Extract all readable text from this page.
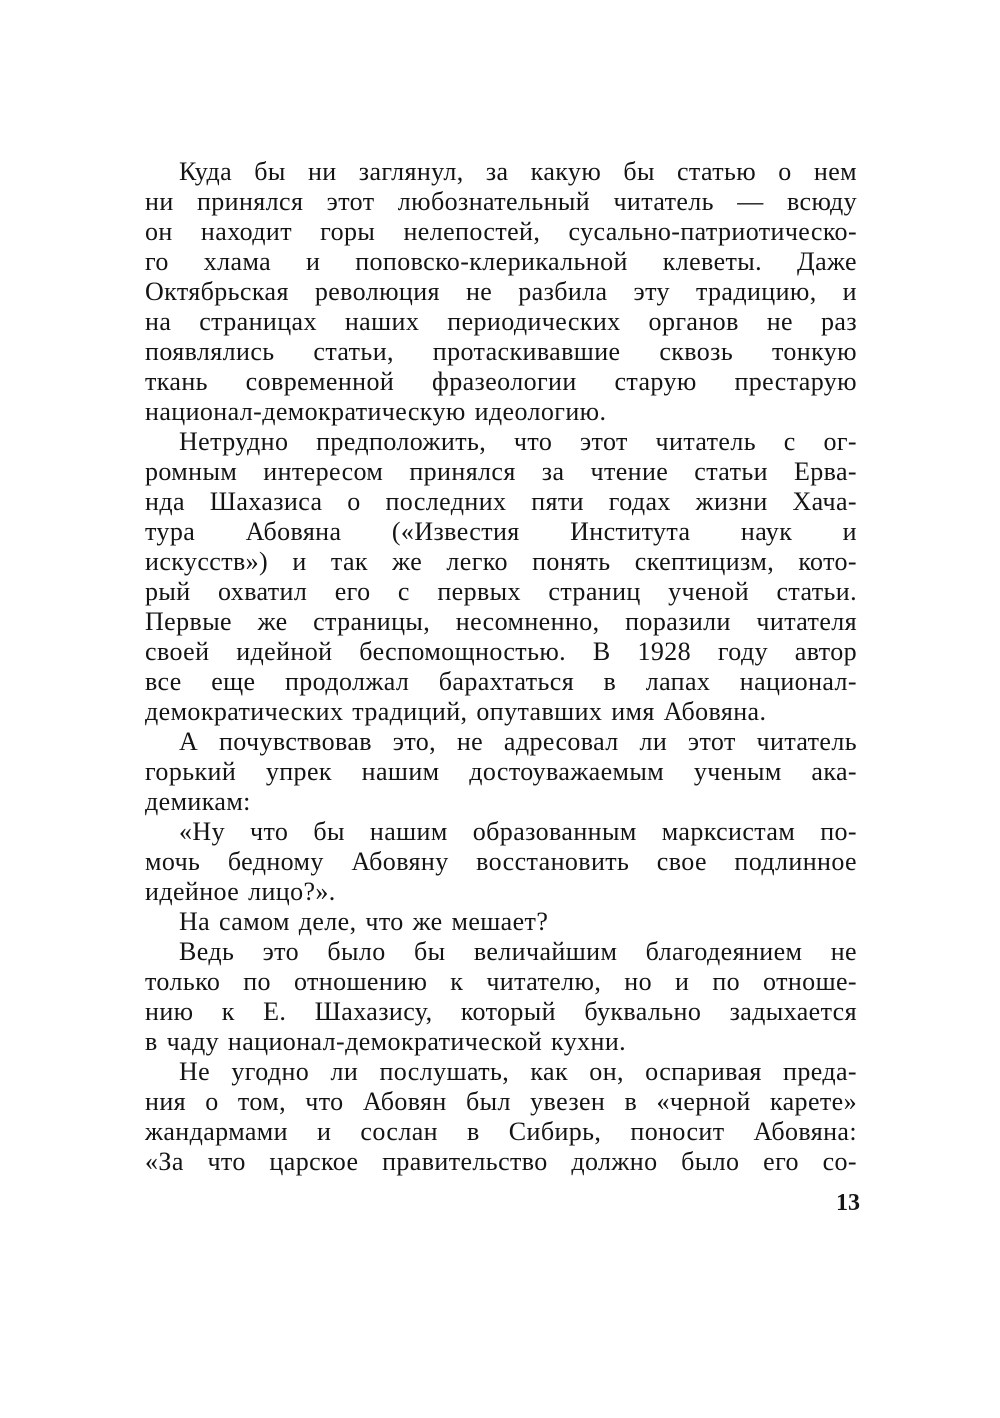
Куда бы ни заглянул, за какую бы статью о нем
ни принялся этот любознательный читатель — всюду
он находит горы нелепостей, сусально-патриотическо-
го хлама и поповско-клерикальной клеветы. Даже
Октябрьская революция не разбила эту традицию, и
на страницах наших периодических органов не раз
появлялись статьи, протаскивавшие сквозь тонкую
ткань современной фразеологии старую престарую
национал-демократическую идеологию.
Нетрудно предположить, что этот читатель с ог-
ромным интересом принялся за чтение статьи Ерва-
нда Шахазиса о последних пяти годах жизни Хача-
тура Абовяна («Известия Института наук и
искусств») и так же легко понять скептицизм, кото-
рый охватил его с первых страниц ученой статьи.
Первые же страницы, несомненно, поразили читателя
своей идейной беспомощностью. В 1928 году автор
все еще продолжал барахтаться в лапах национал-
демократических традиций, опутавших имя Абовяна.
А почувствовав это, не адресовал ли этот читатель
горький упрек нашим достоуважаемым ученым ака-
демикам:
«Ну что бы нашим образованным марксистам по-
мочь бедному Абовяну восстановить свое подлинное
идейное лицо?».
На самом деле, что же мешает?
Ведь это было бы величайшим благодеянием не
только по отношению к читателю, но и по отноше-
нию к Е. Шахазису, который буквально задыхается
в чаду национал-демократической кухни.
Не угодно ли послушать, как он, оспаривая преда-
ния о том, что Абовян был увезен в «черной карете»
жандармами и сослан в Сибирь, поносит Абовяна:
«За что царское правительство должно было его со-
13
